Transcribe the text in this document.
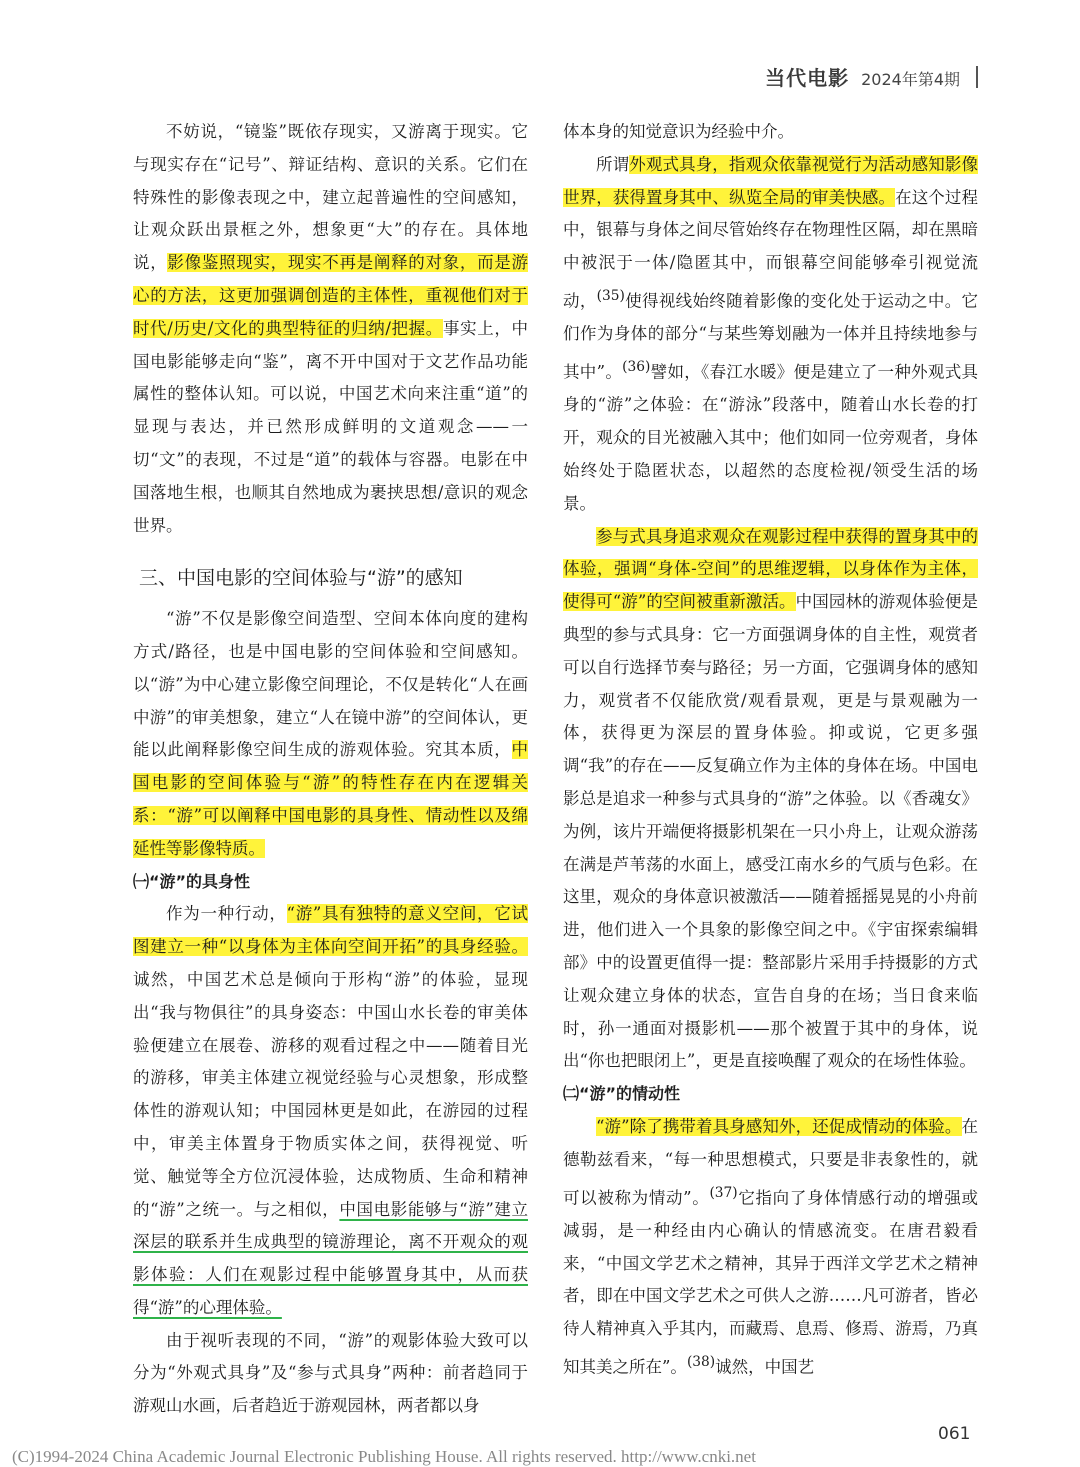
当代电影 2024年第4期

不妨说，“镜鉴”既依存现实，又游离于现实。它与现实存在“记号”、辩证结构、意识的关系。它们在特殊性的影像表现之中，建立起普遍性的空间感知，让观众跃出景框之外，想象更“大”的存在。具体地说，影像鉴照现实，现实不再是阐释的对象，而是游心的方法，这更加强调创造的主体性，重视他们对于时代/历史/文化的典型特征的归纳/把握。事实上，中国电影能够走向“鉴”，离不开中国对于文艺作品功能属性的整体认知。可以说，中国艺术向来注重“道”的显现与表达，并已然形成鲜明的文道观念——一切“文”的表现，不过是“道”的载体与容器。电影在中国落地生根，也顺其自然地成为裹挟思想/意识的观念世界。

三、中国电影的空间体验与“游”的感知

“游”不仅是影像空间造型、空间本体向度的建构方式/路径，也是中国电影的空间体验和空间感知。以“游”为中心建立影像空间理论，不仅是转化“人在画中游”的审美想象，建立“人在镜中游”的空间体认，更能以此阐释影像空间生成的游观体验。究其本质，中国电影的空间体验与“游”的特性存在内在逻辑关系：“游”可以阐释中国电影的具身性、情动性以及绵延性等影像特质。

㈠“游”的具身性

作为一种行动，“游”具有独特的意义空间，它试图建立一种“以身体为主体向空间开拓”的具身经验。诚然，中国艺术总是倾向于形构“游”的体验，显现出“我与物俱往”的具身姿态：中国山水长卷的审美体验便建立在展卷、游移的观看过程之中——随着目光的游移，审美主体建立视觉经验与心灵想象，形成整体性的游观认知；中国园林更是如此，在游园的过程中，审美主体置身于物质实体之间，获得视觉、听觉、触觉等全方位沉浸体验，达成物质、生命和精神的“游”之统一。与之相似，中国电影能够与“游”建立深层的联系并生成典型的镜游理论，离不开观众的观影体验：人们在观影过程中能够置身其中，从而获得“游”的心理体验。

由于视听表现的不同，“游”的观影体验大致可以分为“外观式具身”及“参与式具身”两种：前者趋同于游观山水画，后者趋近于游观园林，两者都以身

体本身的知觉意识为经验中介。

所谓外观式具身，指观众依靠视觉行为活动感知影像世界，获得置身其中、纵览全局的审美快感。在这个过程中，银幕与身体之间尽管始终存在物理性区隔，却在黑暗中被泯于一体/隐匿其中，而银幕空间能够牵引视觉流动，$^{(35)}$使得视线始终随着影像的变化处于运动之中。它们作为身体的部分“与某些筹划融为一体并且持续地参与其中”。$^{(36)}$譬如，《春江水暖》便是建立了一种外观式具身的“游”之体验：在“游泳”段落中，随着山水长卷的打开，观众的目光被融入其中；他们如同一位旁观者，身体始终处于隐匿状态，以超然的态度检视/领受生活的场景。

参与式具身追求观众在观影过程中获得的置身其中的体验，强调“身体-空间”的思维逻辑，以身体作为主体，使得可“游”的空间被重新激活。中国园林的游观体验便是典型的参与式具身：它一方面强调身体的自主性，观赏者可以自行选择节奏与路径；另一方面，它强调身体的感知力，观赏者不仅能欣赏/观看景观，更是与景观融为一体，获得更为深层的置身体验。抑或说，它更多强调“我”的存在——反复确立作为主体的身体在场。中国电影总是追求一种参与式具身的“游”之体验。以《香魂女》为例，该片开端便将摄影机架在一只小舟上，让观众游荡在满是芦苇荡的水面上，感受江南水乡的气质与色彩。在这里，观众的身体意识被激活——随着摇摇晃晃的小舟前进，他们进入一个具象的影像空间之中。《宇宙探索编辑部》中的设置更值得一提：整部影片采用手持摄影的方式让观众建立身体的状态，宣告自身的在场；当日食来临时，孙一通面对摄影机——那个被置于其中的身体，说出“你也把眼闭上”，更是直接唤醒了观众的在场性体验。

㈡“游”的情动性

“游”除了携带着具身感知外，还促成情动的体验。在德勒兹看来，“每一种思想模式，只要是非表象性的，就可以被称为情动”。$^{(37)}$它指向了身体情感行动的增强或减弱，是一种经由内心确认的情感流变。在唐君毅看来，“中国文学艺术之精神，其异于西洋文学艺术之精神者，即在中国文学艺术之可供人之游……凡可游者，皆必待人精神真入乎其内，而藏焉、息焉、修焉、游焉，乃真知其美之所在”。$^{(38)}$诚然，中国艺

061
(C)1994-2024 China Academic Journal Electronic Publishing House. All rights reserved. http://www.cnki.net
